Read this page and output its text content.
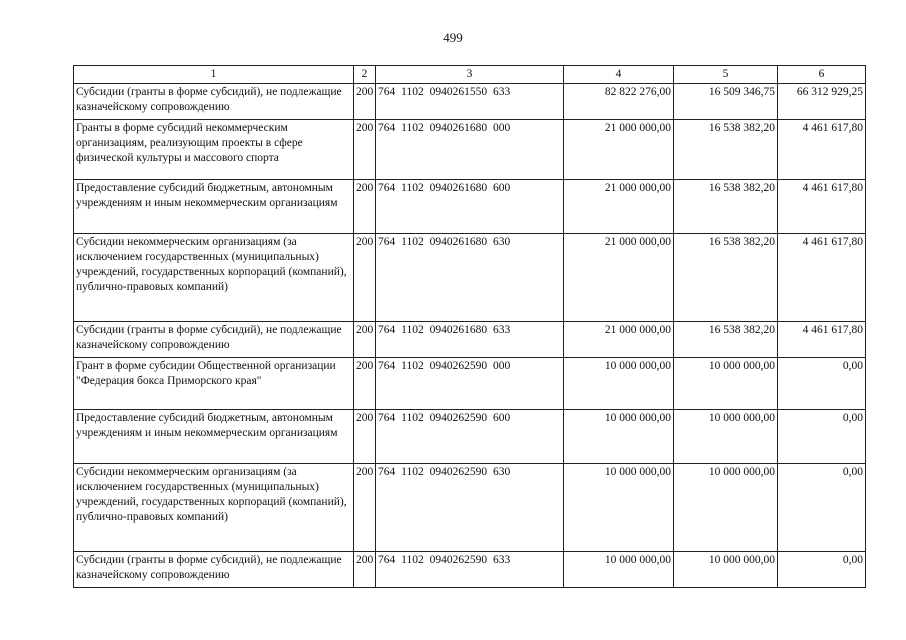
499
1	2	3	4	5	6
Субсидии (гранты в форме субсидий), не подлежащие казначейскому сопровождению	200	764 1102 0940261550 633	82 822 276,00	16 509 346,75	66 312 929,25
Гранты в форме субсидий некоммерческим организациям, реализующим проекты в сфере физической культуры и массового спорта	200	764 1102 0940261680 000	21 000 000,00	16 538 382,20	4 461 617,80
Предоставление субсидий бюджетным, автономным учреждениям и иным некоммерческим организациям	200	764 1102 0940261680 600	21 000 000,00	16 538 382,20	4 461 617,80
Субсидии некоммерческим организациям (за исключением государственных (муниципальных) учреждений, государственных корпораций (компаний), публично-правовых компаний)	200	764 1102 0940261680 630	21 000 000,00	16 538 382,20	4 461 617,80
Субсидии (гранты в форме субсидий), не подлежащие казначейскому сопровождению	200	764 1102 0940261680 633	21 000 000,00	16 538 382,20	4 461 617,80
Грант в форме субсидии Общественной организации "Федерация бокса Приморского края"	200	764 1102 0940262590 000	10 000 000,00	10 000 000,00	0,00
Предоставление субсидий бюджетным, автономным учреждениям и иным некоммерческим организациям	200	764 1102 0940262590 600	10 000 000,00	10 000 000,00	0,00
Субсидии некоммерческим организациям (за исключением государственных (муниципальных) учреждений, государственных корпораций (компаний), публично-правовых компаний)	200	764 1102 0940262590 630	10 000 000,00	10 000 000,00	0,00
Субсидии (гранты в форме субсидий), не подлежащие казначейскому сопровождению	200	764 1102 0940262590 633	10 000 000,00	10 000 000,00	0,00
